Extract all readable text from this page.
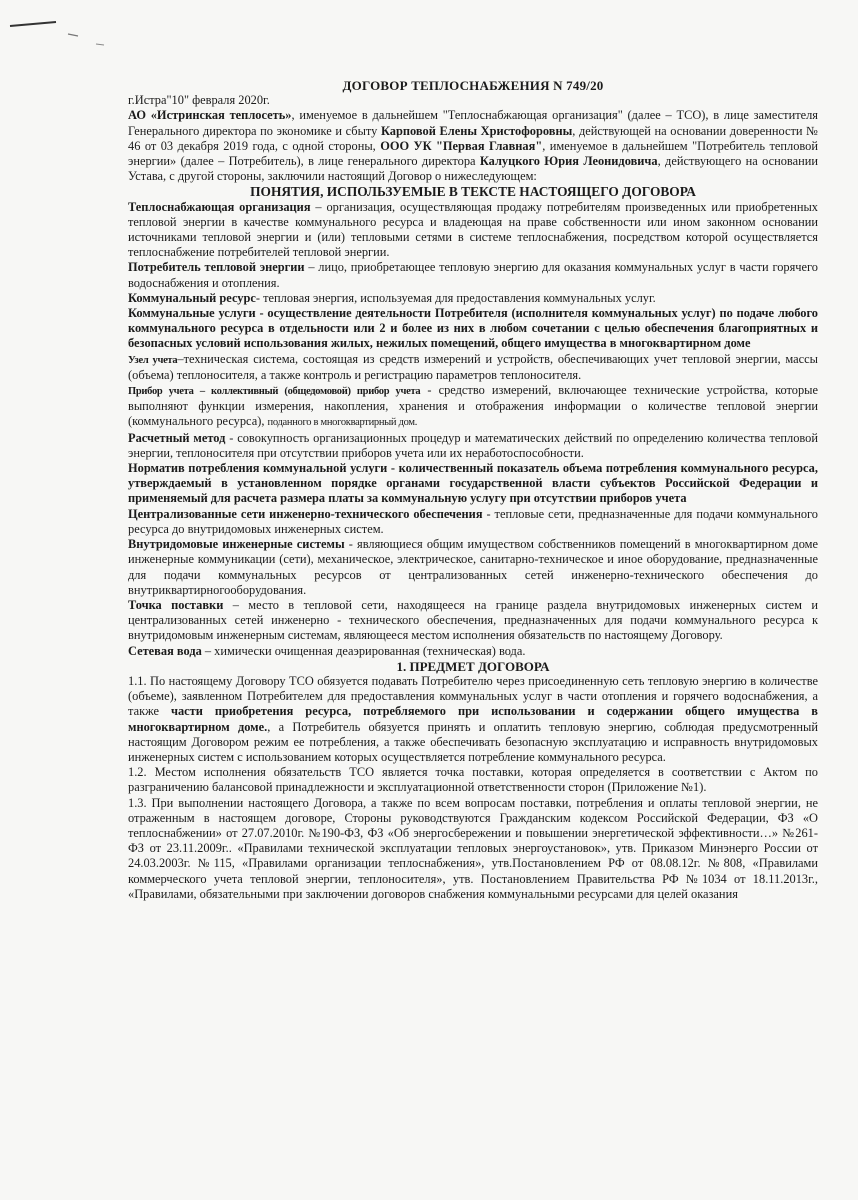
ДОГОВОР ТЕПЛОСНАБЖЕНИЯ N 749/20

г.Истра"10" февраля 2020г.

АО «Истринская теплосеть», именуемое в дальнейшем "Теплоснабжающая организация" (далее – ТСО), в лице заместителя Генерального директора по экономике и сбыту Карповой Елены Христофоровны, действующей на основании доверенности № 46 от 03 декабря 2019 года, с одной стороны, ООО УК "Первая Главная", именуемое в дальнейшем "Потребитель тепловой энергии» (далее – Потребитель), в лице генерального директора Калуцкого Юрия Леонидовича, действующего на основании Устава, с другой стороны, заключили настоящий Договор о нижеследующем:

ПОНЯТИЯ, ИСПОЛЬЗУЕМЫЕ В ТЕКСТЕ НАСТОЯЩЕГО ДОГОВОРА

Теплоснабжающая организация – организация, осуществляющая продажу потребителям произведенных или приобретенных тепловой энергии в качестве коммунального ресурса и владеющая на праве собственности или ином законном основании источниками тепловой энергии и (или) тепловыми сетями в системе теплоснабжения, посредством которой осуществляется теплоснабжение потребителей тепловой энергии.

Потребитель тепловой энергии – лицо, приобретающее тепловую энергию для оказания коммунальных услуг в части горячего водоснабжения и отопления.

Коммунальный ресурс- тепловая энергия, используемая для предоставления коммунальных услуг.

Коммунальные услуги - осуществление деятельности Потребителя (исполнителя коммунальных услуг) по подаче любого коммунального ресурса в отдельности или 2 и более из них в любом сочетании с целью обеспечения благоприятных и безопасных условий использования жилых, нежилых помещений, общего имущества в многоквартирном доме

Узел учета–техническая система, состоящая из средств измерений и устройств, обеспечивающих учет тепловой энергии, массы (объема) теплоносителя, а также контроль и регистрацию параметров теплоносителя.

Прибор учета – коллективный (общедомовой) прибор учета - средство измерений, включающее технические устройства, которые выполняют функции измерения, накопления, хранения и отображения информации о количестве тепловой энергии (коммунального ресурса), поданного в многоквартирный дом.

Расчетный метод - совокупность организационных процедур и математических действий по определению количества тепловой энергии, теплоносителя при отсутствии приборов учета или их неработоспособности.

Норматив потребления коммунальной услуги - количественный показатель объема потребления коммунального ресурса, утверждаемый в установленном порядке органами государственной власти субъектов Российской Федерации и применяемый для расчета размера платы за коммунальную услугу при отсутствии приборов учета

Централизованные сети инженерно-технического обеспечения - тепловые сети, предназначенные для подачи коммунального ресурса до внутридомовых инженерных систем.

Внутридомовые инженерные системы - являющиеся общим имуществом собственников помещений в многоквартирном доме инженерные коммуникации (сети), механическое, электрическое, санитарно-техническое и иное оборудование, предназначенные для подачи коммунальных ресурсов от централизованных сетей инженерно-технического обеспечения до внутриквартирногооборудования.

Точка поставки – место в тепловой сети, находящееся на границе раздела внутридомовых инженерных систем и централизованных сетей инженерно - технического обеспечения, предназначенных для подачи коммунального ресурса к внутридомовым инженерным системам, являющееся местом исполнения обязательств по настоящему Договору.

Сетевая вода – химически очищенная деаэрированная (техническая) вода.

1. ПРЕДМЕТ ДОГОВОРА

1.1. По настоящему Договору ТСО обязуется подавать Потребителю через присоединенную сеть тепловую энергию в количестве (объеме), заявленном Потребителем для предоставления коммунальных услуг в части отопления и горячего водоснабжения, а также части приобретения ресурса, потребляемого при использовании и содержании общего имущества в многоквартирном доме., а Потребитель обязуется принять и оплатить тепловую энергию, соблюдая предусмотренный настоящим Договором режим ее потребления, а также обеспечивать безопасную эксплуатацию и исправность внутридомовых инженерных систем с использованием которых осуществляется потребление коммунального ресурса.

1.2. Местом исполнения обязательств ТСО является точка поставки, которая определяется в соответствии с Актом по разграничению балансовой принадлежности и эксплуатационной ответственности сторон (Приложение №1).

1.3. При выполнении настоящего Договора, а также по всем вопросам поставки, потребления и оплаты тепловой энергии, не отраженным в настоящем договоре, Стороны руководствуются Гражданским кодексом Российской Федерации, ФЗ «О теплоснабжении» от 27.07.2010г. №190-ФЗ, ФЗ «Об энергосбережении и повышении энергетической эффективности…» №261-ФЗ от 23.11.2009г.. «Правилами технической эксплуатации тепловых энергоустановок», утв. Приказом Минэнерго России от 24.03.2003г. №115, «Правилами организации теплоснабжения», утв.Постановлением РФ от 08.08.12г. №808, «Правилами коммерческого учета тепловой энергии, теплоносителя», утв. Постановлением Правительства РФ №1034 от 18.11.2013г., «Правилами, обязательными при заключении договоров снабжения коммунальными ресурсами для целей оказания
